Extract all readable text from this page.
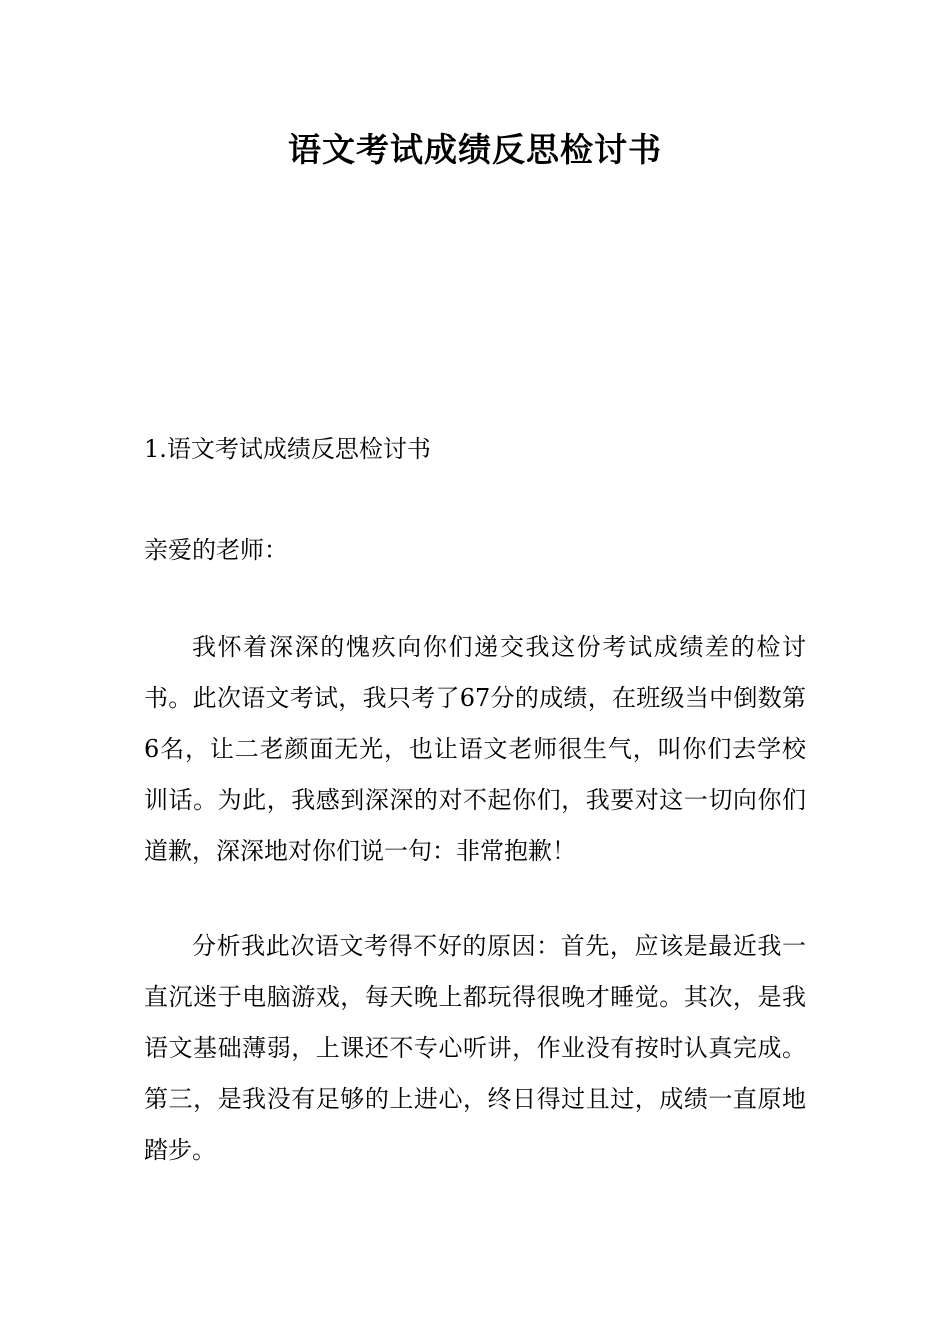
语文考试成绩反思检讨书
1.语文考试成绩反思检讨书
亲爱的老师：

我怀着深深的愧疚向你们递交我这份考试成绩差的检讨书。此次语文考试，我只考了67分的成绩，在班级当中倒数第6名，让二老颜面无光，也让语文老师很生气，叫你们去学校训话。为此，我感到深深的对不起你们，我要对这一切向你们道歉，深深地对你们说一句：非常抱歉！

分析我此次语文考得不好的原因：首先，应该是最近我一直沉迷于电脑游戏，每天晚上都玩得很晚才睡觉。其次，是我语文基础薄弱，上课还不专心听讲，作业没有按时认真完成。第三，是我没有足够的上进心，终日得过且过，成绩一直原地踏步。
